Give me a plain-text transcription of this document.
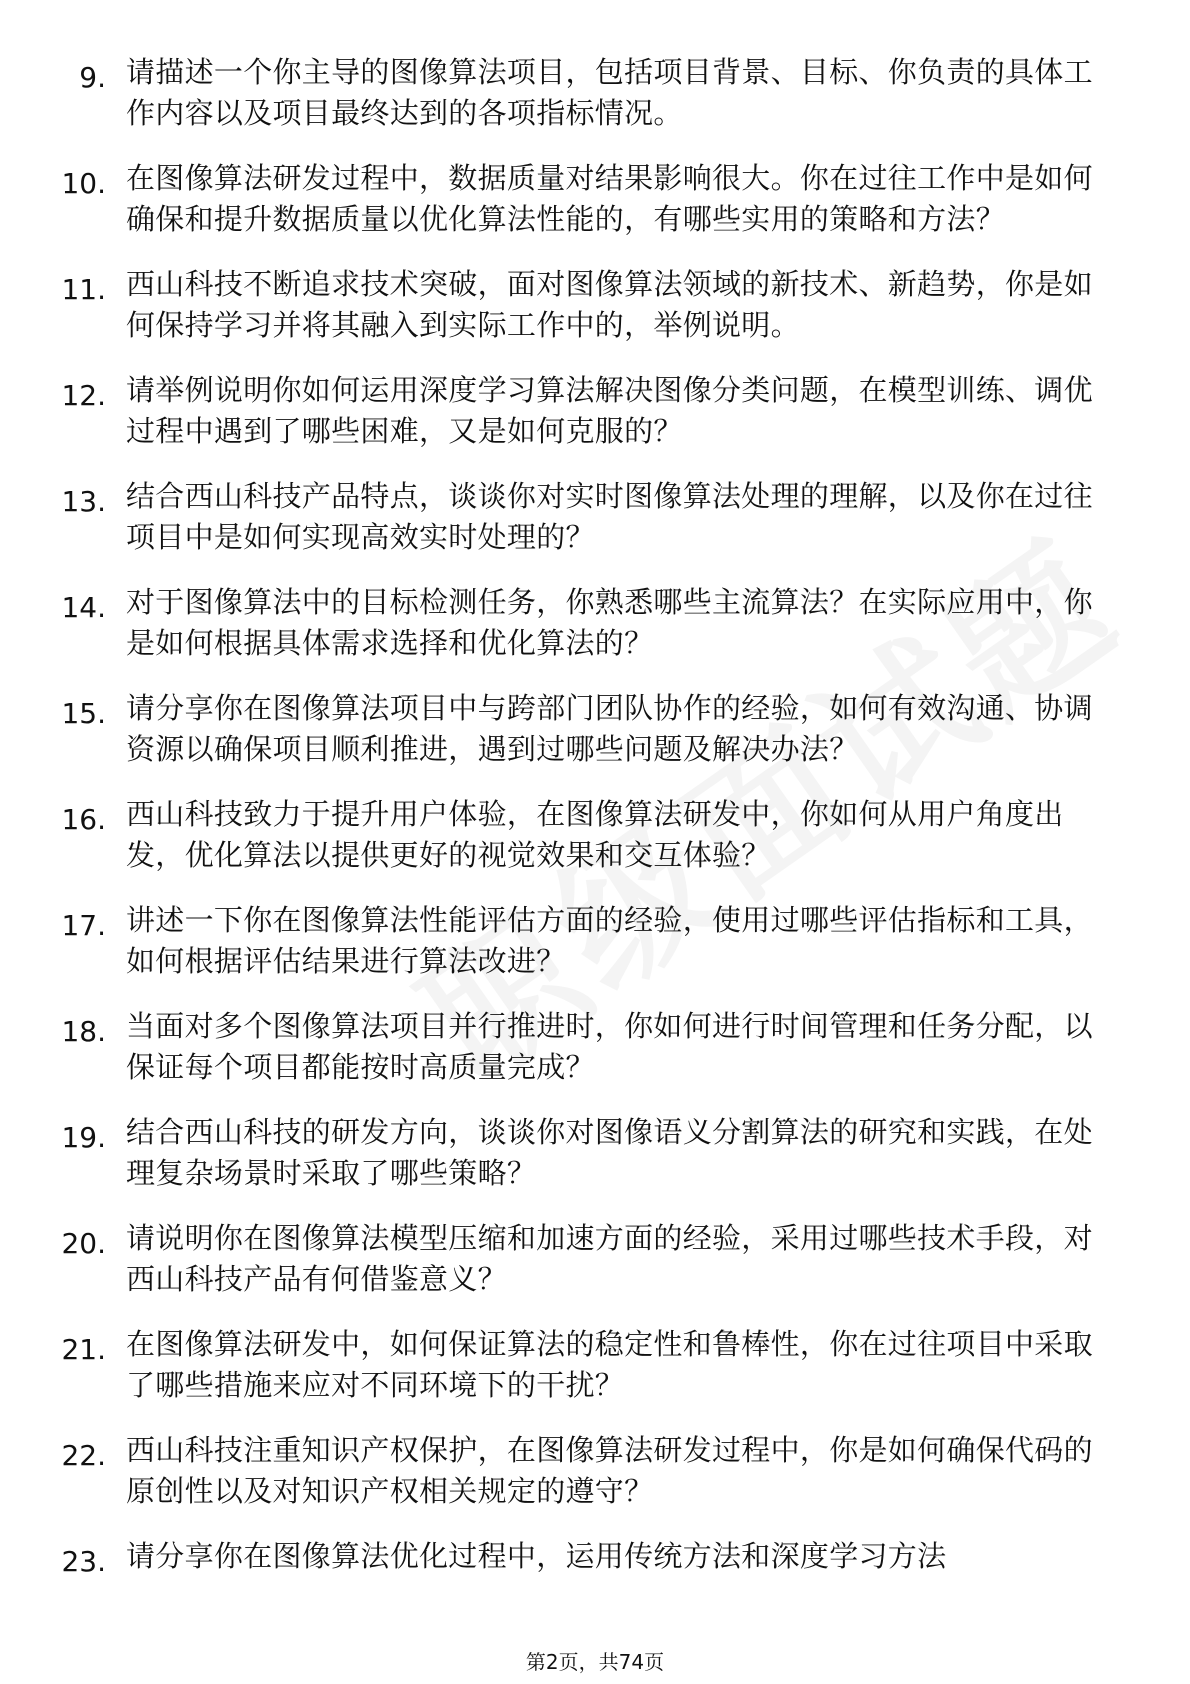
9. 请描述一个你主导的图像算法项目，包括项目背景、目标、你负责的具体工作内容以及项目最终达到的各项指标情况。
10. 在图像算法研发过程中，数据质量对结果影响很大。你在过往工作中是如何确保和提升数据质量以优化算法性能的，有哪些实用的策略和方法？
11. 西山科技不断追求技术突破，面对图像算法领域的新技术、新趋势，你是如何保持学习并将其融入到实际工作中的，举例说明。
12. 请举例说明你如何运用深度学习算法解决图像分类问题，在模型训练、调优过程中遇到了哪些困难，又是如何克服的？
13. 结合西山科技产品特点，谈谈你对实时图像算法处理的理解，以及你在过往项目中是如何实现高效实时处理的？
14. 对于图像算法中的目标检测任务，你熟悉哪些主流算法？在实际应用中，你是如何根据具体需求选择和优化算法的？
15. 请分享你在图像算法项目中与跨部门团队协作的经验，如何有效沟通、协调资源以确保项目顺利推进，遇到过哪些问题及解决办法？
16. 西山科技致力于提升用户体验，在图像算法研发中，你如何从用户角度出发，优化算法以提供更好的视觉效果和交互体验？
17. 讲述一下你在图像算法性能评估方面的经验，使用过哪些评估指标和工具，如何根据评估结果进行算法改进？
18. 当面对多个图像算法项目并行推进时，你如何进行时间管理和任务分配，以保证每个项目都能按时高质量完成？
19. 结合西山科技的研发方向，谈谈你对图像语义分割算法的研究和实践，在处理复杂场景时采取了哪些策略？
20. 请说明你在图像算法模型压缩和加速方面的经验，采用过哪些技术手段，对西山科技产品有何借鉴意义？
21. 在图像算法研发中，如何保证算法的稳定性和鲁棒性，你在过往项目中采取了哪些措施来应对不同环境下的干扰？
22. 西山科技注重知识产权保护，在图像算法研发过程中，你是如何确保代码的原创性以及对知识产权相关规定的遵守？
23. 请分享你在图像算法优化过程中，运用传统方法和深度学习方法
第2页，共74页
